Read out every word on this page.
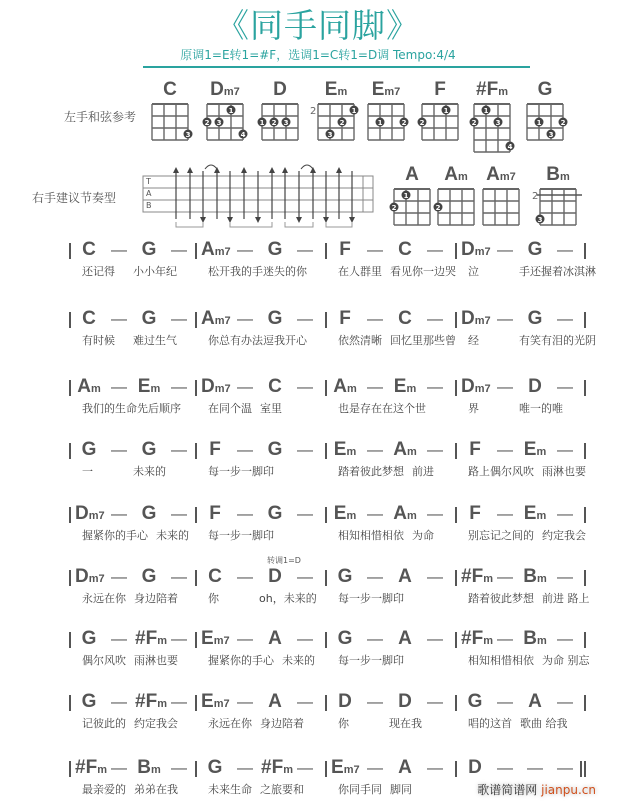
《同手同脚》
原调1=E转1=#F，选调1=C转1=D调 Tempo:4/4
左手和弦参考
右手建议节奏型
C
3
Dm7
2 3
1
4
D
1 2 3
Em
2	1
2
3
Em7
1	2
F
2
1
#Fm
1
2	3
4
G
1	2
3
A
1
2
Am
2
Am7	Bm
2
3
T
A
B
C —	G —
还记得	小小年纪
Am7 —	G —
松开我的手迷失的你
F	—	C —
在人群里 看见你一边哭
Dm7 —	G —
泣	手还握着冰淇淋
C —	G —
有时候	难过生气
Am7 —	G —
你总有办法逗我开心
F	—	C —
依然清晰 回忆里那些曾
Dm7 —	G —
经	有笑有泪的光阴
Am — Em —
我们的生命先后顺序
Dm7 —	C —
在同个温 室里
Am — Em —
也是存在在这个世
Dm7 —	D —
界	唯一的唯
G —	G —
一	未来的
F	—	G —
每一步一脚印
Em — Am —
踏着彼此梦想 前进
F	— Em —
路上偶尔风吹 雨淋也要
Dm7 —	G —
握紧你的手心 未来的
F	—	G —
每一步一脚印
Em — Am —
相知相惜相依 为命
F	— Em —
别忘记之间的 约定我会
Dm7 —	G —
永远在你 身边陪着
C —	D —
你	oh，未来的
转调1=D
G —	A —
每一步一脚印
#Fm — Bm —
踏着彼此梦想 前进 路上
G — #Fm —
偶尔风吹 雨淋也要
Em7 —	A —
握紧你的手心 未来的
G —	A —
每一步一脚印
#Fm — Bm —
相知相惜相依 为命 别忘
G — #Fm —
记彼此的 约定我会
Em7 —	A —
永远在你 身边陪着
D —	D —
你	现在我
G —	A —
唱的这首 歌曲 给我
#Fm — Bm —
最亲爱的 弟弟在我
G — #Fm —
未来生命 之旅要和
Em7 —	A —
你同手同 脚同
D — — —
歌谱简谱网 jianpu.cn
